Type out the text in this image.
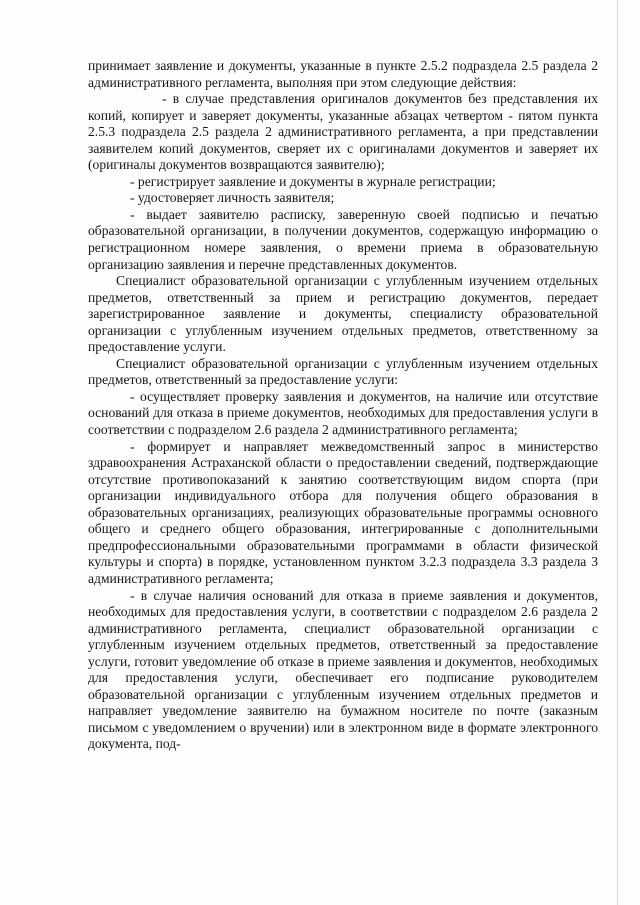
принимает заявление и документы, указанные в пункте 2.5.2 подраздела 2.5 раздела 2 административного регламента, выполняя при этом следующие действия:

- в случае представления оригиналов документов без представления их копий, копирует и заверяет документы, указанные абзацах четвертом - пятом пункта 2.5.3 подраздела 2.5 раздела 2 административного регламента, а при представлении заявителем копий документов, сверяет их с оригиналами документов и заверяет их (оригиналы документов возвращаются заявителю);

- регистрирует заявление и документы в журнале регистрации;

- удостоверяет личность заявителя;

- выдает заявителю расписку, заверенную своей подписью и печатью образовательной организации, в получении документов, содержащую информацию о регистрационном номере заявления, о времени приема в образовательную организацию заявления и перечне представленных документов.

Специалист образовательной организации с углубленным изучением отдельных предметов, ответственный за прием и регистрацию документов, передает зарегистрированное заявление и документы, специалисту образовательной организации с углубленным изучением отдельных предметов, ответственному за предоставление услуги.

Специалист образовательной организации с углубленным изучением отдельных предметов, ответственный за предоставление услуги:

- осуществляет проверку заявления и документов, на наличие или отсутствие оснований для отказа в приеме документов, необходимых для предоставления услуги в соответствии с подразделом 2.6 раздела 2 административного регламента;

- формирует и направляет межведомственный запрос в министерство здравоохранения Астраханской области о предоставлении сведений, подтверждающие отсутствие противопоказаний к занятию соответствующим видом спорта (при организации индивидуального отбора для получения общего образования в образовательных организациях, реализующих образовательные программы основного общего и среднего общего образования, интегрированные с дополнительными предпрофессиональными образовательными программами в области физической культуры и спорта) в порядке, установленном пунктом 3.2.3 подраздела 3.3 раздела 3 административного регламента;

- в случае наличия оснований для отказа в приеме заявления и документов, необходимых для предоставления услуги, в соответствии с подразделом 2.6 раздела 2 административного регламента, специалист образовательной организации с углубленным изучением отдельных предметов, ответственный за предоставление услуги, готовит уведомление об отказе в приеме заявления и документов, необходимых для предоставления услуги, обеспечивает его подписание руководителем образовательной организации с углубленным изучением отдельных предметов и направляет уведомление заявителю на бумажном носителе по почте (заказным письмом с уведомлением о вручении) или в электронном виде в формате электронного документа, под-
